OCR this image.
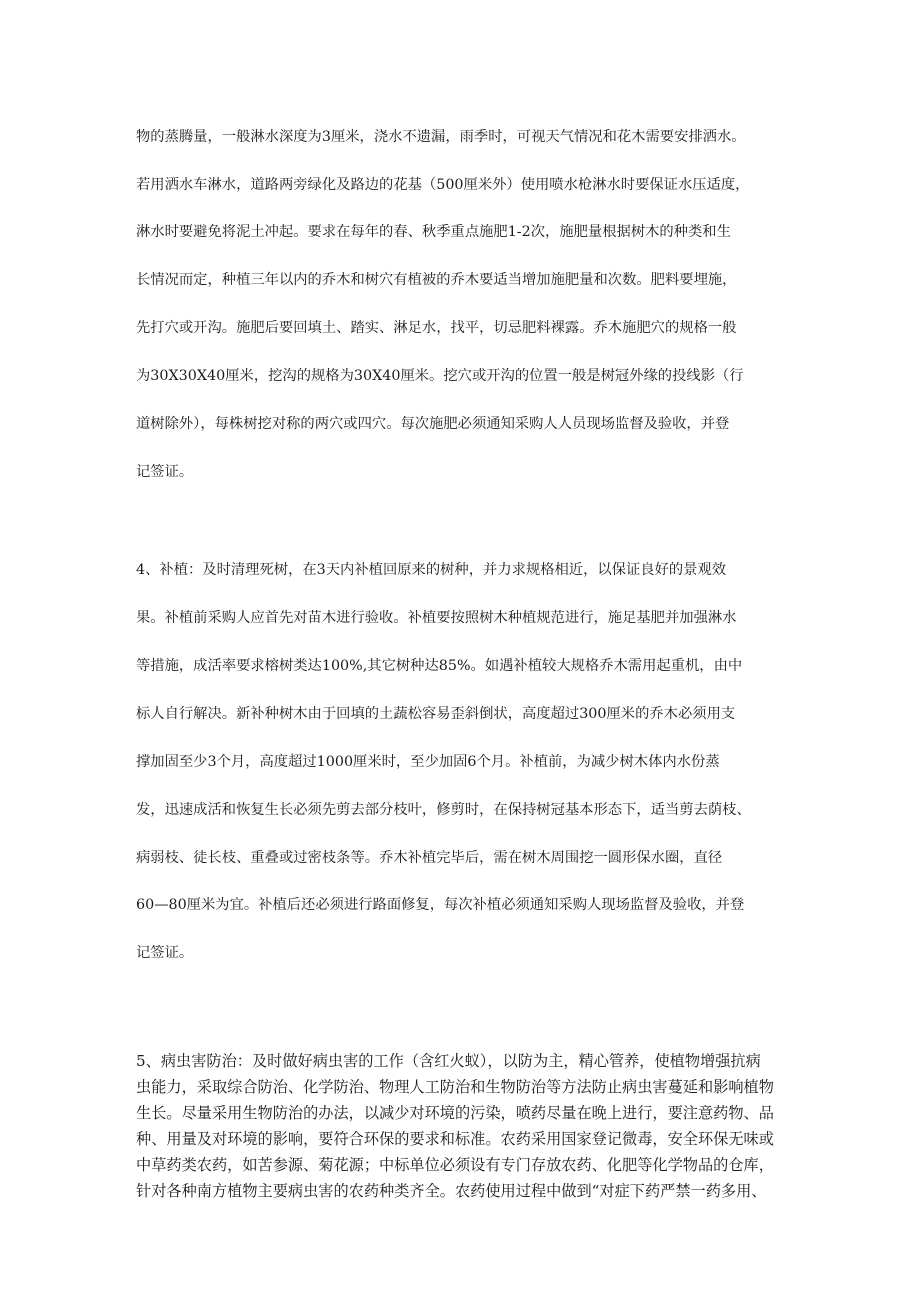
物的蒸腾量，一般淋水深度为3厘米，浇水不遗漏，雨季时，可视天气情况和花木需要安排洒水。
若用洒水车淋水，道路两旁绿化及路边的花基（500厘米外）使用喷水枪淋水时要保证水压适度，
淋水时要避免将泥土冲起。要求在每年的春、秋季重点施肥1-2次，施肥量根据树木的种类和生
长情况而定，种植三年以内的乔木和树穴有植被的乔木要适当增加施肥量和次数。肥料要埋施，
先打穴或开沟。施肥后要回填土、踏实、淋足水，找平，切忌肥料裸露。乔木施肥穴的规格一般
为30X30X40厘米，挖沟的规格为30X40厘米。挖穴或开沟的位置一般是树冠外缘的投线影（行
道树除外），每株树挖对称的两穴或四穴。每次施肥必须通知采购人人员现场监督及验收，并登
记签证。
4、补植：及时清理死树，在3天内补植回原来的树种，并力求规格相近，以保证良好的景观效
果。补植前采购人应首先对苗木进行验收。补植要按照树木种植规范进行，施足基肥并加强淋水
等措施，成活率要求榕树类达100%,其它树种达85%。如遇补植较大规格乔木需用起重机，由中
标人自行解决。新补种树木由于回填的土蔬松容易歪斜倒状，高度超过300厘米的乔木必须用支
撑加固至少3个月，高度超过1000厘米时，至少加固6个月。补植前，为减少树木体内水份蒸
发，迅速成活和恢复生长必须先剪去部分枝叶，修剪时，在保持树冠基本形态下，适当剪去荫枝、
病弱枝、徒长枝、重叠或过密枝条等。乔木补植完毕后，需在树木周围挖一圆形保水圈，直径
60—80厘米为宜。补植后还必须进行路面修复，每次补植必须通知采购人现场监督及验收，并登
记签证。
5、病虫害防治：及时做好病虫害的工作（含红火蚁），以防为主，精心管养，使植物增强抗病
虫能力，采取综合防治、化学防治、物理人工防治和生物防治等方法防止病虫害蔓延和影响植物
生长。尽量采用生物防治的办法，以减少对环境的污染，喷药尽量在晚上进行，要注意药物、品
种、用量及对环境的影响，要符合环保的要求和标准。农药采用国家登记微毒，安全环保无味或
中草药类农药，如苦参源、菊花源；中标单位必须设有专门存放农药、化肥等化学物品的仓库，
针对各种南方植物主要病虫害的农药种类齐全。农药使用过程中做到“对症下药严禁一药多用、
